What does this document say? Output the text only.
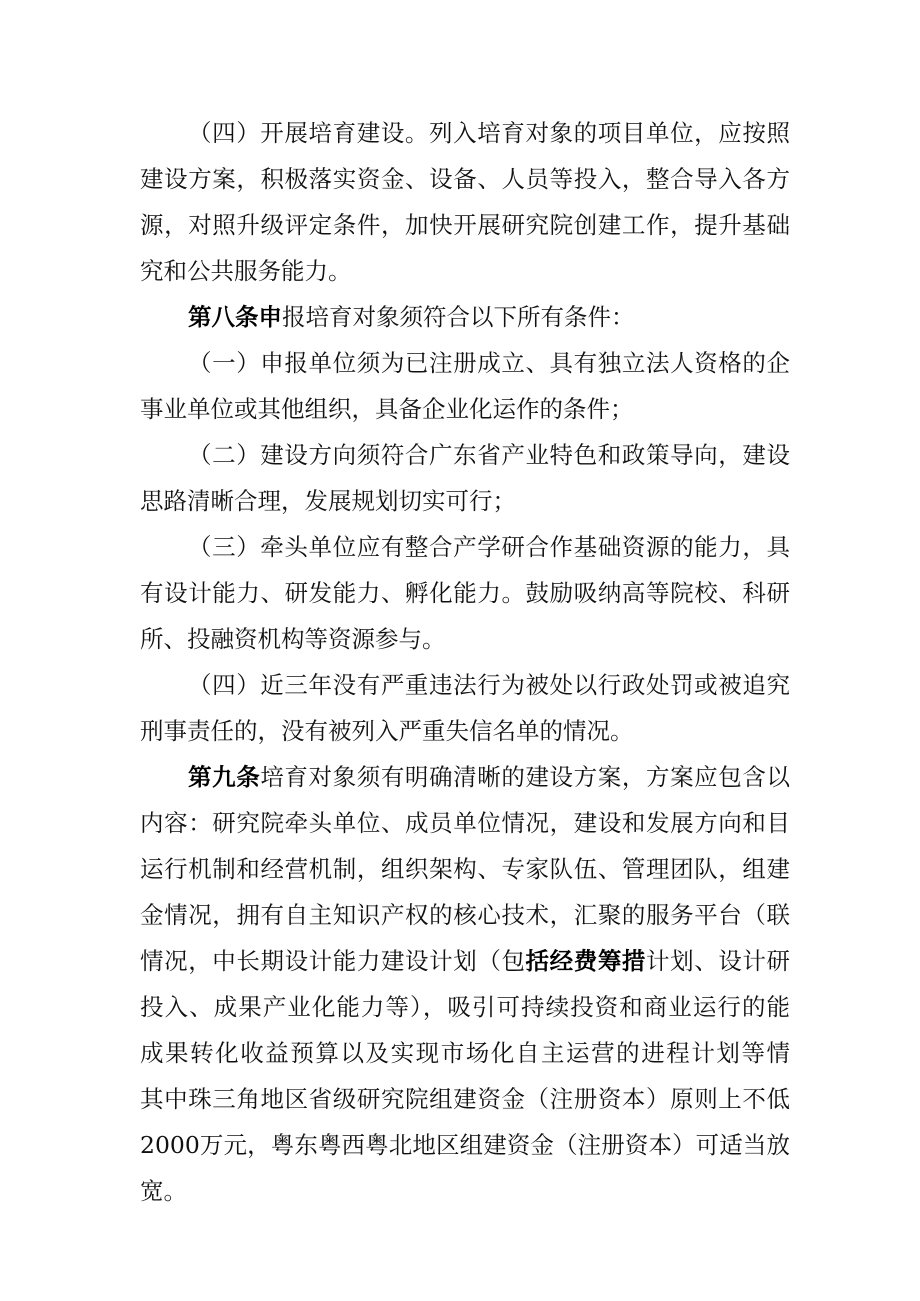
（四）开展培育建设。列入培育对象的项目单位，应按照
建设方案，积极落实资金、设备、人员等投入，整合导入各方
源，对照升级评定条件，加快开展研究院创建工作，提升基础
究和公共服务能力。
第八条申报培育对象须符合以下所有条件：
（一）申报单位须为已注册成立、具有独立法人资格的企
事业单位或其他组织，具备企业化运作的条件；
（二）建设方向须符合广东省产业特色和政策导向，建设
思路清晰合理，发展规划切实可行；
（三）牵头单位应有整合产学研合作基础资源的能力，具
有设计能力、研发能力、孵化能力。鼓励吸纳高等院校、科研
所、投融资机构等资源参与。
（四）近三年没有严重违法行为被处以行政处罚或被追究
刑事责任的，没有被列入严重失信名单的情况。
第九条培育对象须有明确清晰的建设方案，方案应包含以
内容：研究院牵头单位、成员单位情况，建设和发展方向和目
运行机制和经营机制，组织架构、专家队伍、管理团队，组建
金情况，拥有自主知识产权的核心技术，汇聚的服务平台（联
情况，中长期设计能力建设计划（包括经费筹措计划、设计研
投入、成果产业化能力等），吸引可持续投资和商业运行的能
成果转化收益预算以及实现市场化自主运营的进程计划等情
其中珠三角地区省级研究院组建资金（注册资本）原则上不低
2000万元，粤东粤西粤北地区组建资金（注册资本）可适当放
宽。
